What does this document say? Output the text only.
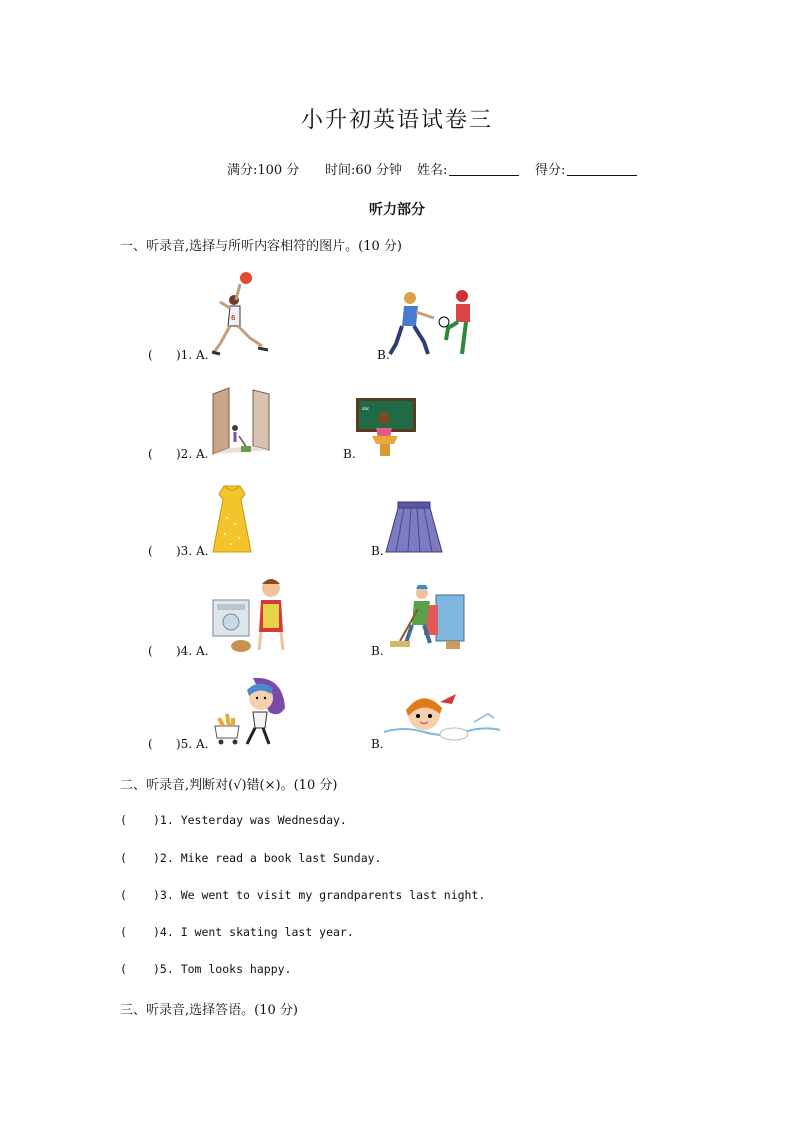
小升初英语试卷三
满分:100 分 时间:60 分钟 姓名:	得分:
听力部分
一、听录音,选择与所听内容相符的图片。(10 分)
( )1. A.	B.
6
( )2. A.	B.
abc
( )3. A.	B.
( )4. A.	B.
( )5. A.	B.
二、听录音,判断对(√)错(×)。(10 分)
( )1. Yesterday was Wednesday.
( )2. Mike read a book last Sunday.
( )3. We went to visit my grandparents last night.
( )4. I went skating last year.
( )5. Tom looks happy.
三、听录音,选择答语。(10 分)
